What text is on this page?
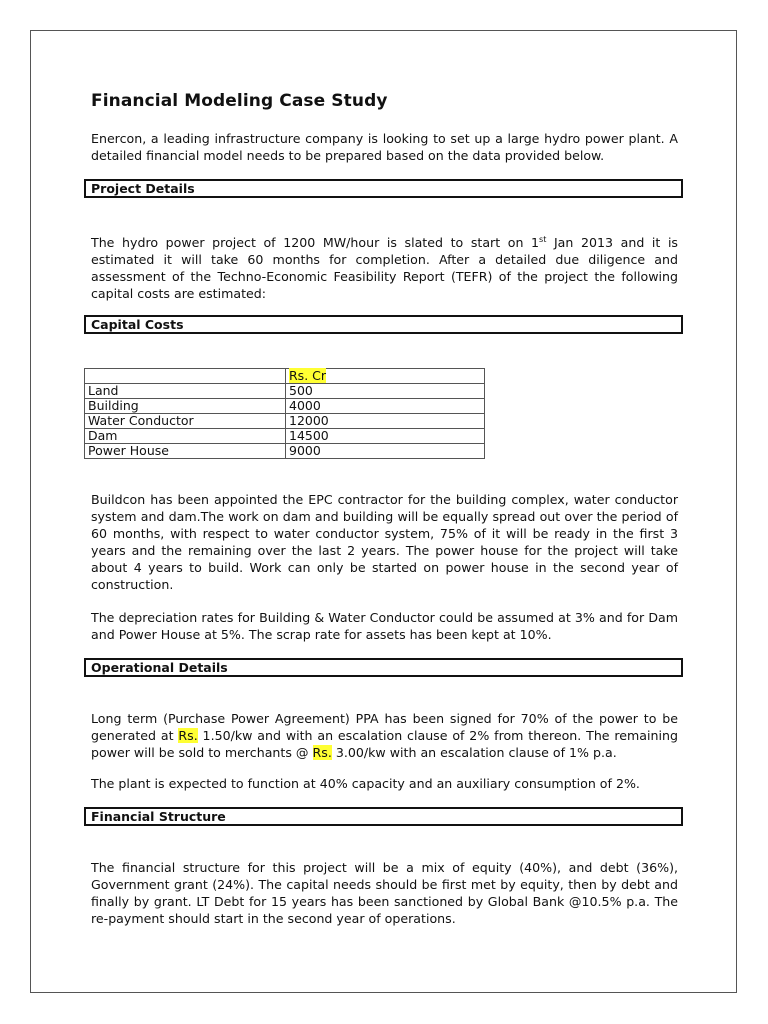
Financial Modeling Case Study

Enercon, a leading infrastructure company is looking to set up a large hydro power plant. A detailed financial model needs to be prepared based on the data provided below.

Project Details

The hydro power project of 1200 MW/hour is slated to start on 1st Jan 2013 and it is estimated it will take 60 months for completion. After a detailed due diligence and assessment of the Techno-Economic Feasibility Report (TEFR) of the project the following capital costs are estimated:

Capital Costs
	Rs. Cr
Land	500
Building	4000
Water Conductor	12000
Dam	14500
Power House	9000

Buildcon has been appointed the EPC contractor for the building complex, water conductor system and dam.The work on dam and building will be equally spread out over the period of 60 months, with respect to water conductor system, 75% of it will be ready in the first 3 years and the remaining over the last 2 years. The power house for the project will take about 4 years to build. Work can only be started on power house in the second year of construction.

The depreciation rates for Building & Water Conductor could be assumed at 3% and for Dam and Power House at 5%. The scrap rate for assets has been kept at 10%.

Operational Details

Long term (Purchase Power Agreement) PPA has been signed for 70% of the power to be generated at Rs. 1.50/kw and with an escalation clause of 2% from thereon. The remaining power will be sold to merchants @ Rs. 3.00/kw with an escalation clause of 1% p.a.

The plant is expected to function at 40% capacity and an auxiliary consumption of 2%.

Financial Structure

The financial structure for this project will be a mix of equity (40%), and debt (36%), Government grant (24%). The capital needs should be first met by equity, then by debt and finally by grant. LT Debt for 15 years has been sanctioned by Global Bank @10.5% p.a. The re-payment should start in the second year of operations.
